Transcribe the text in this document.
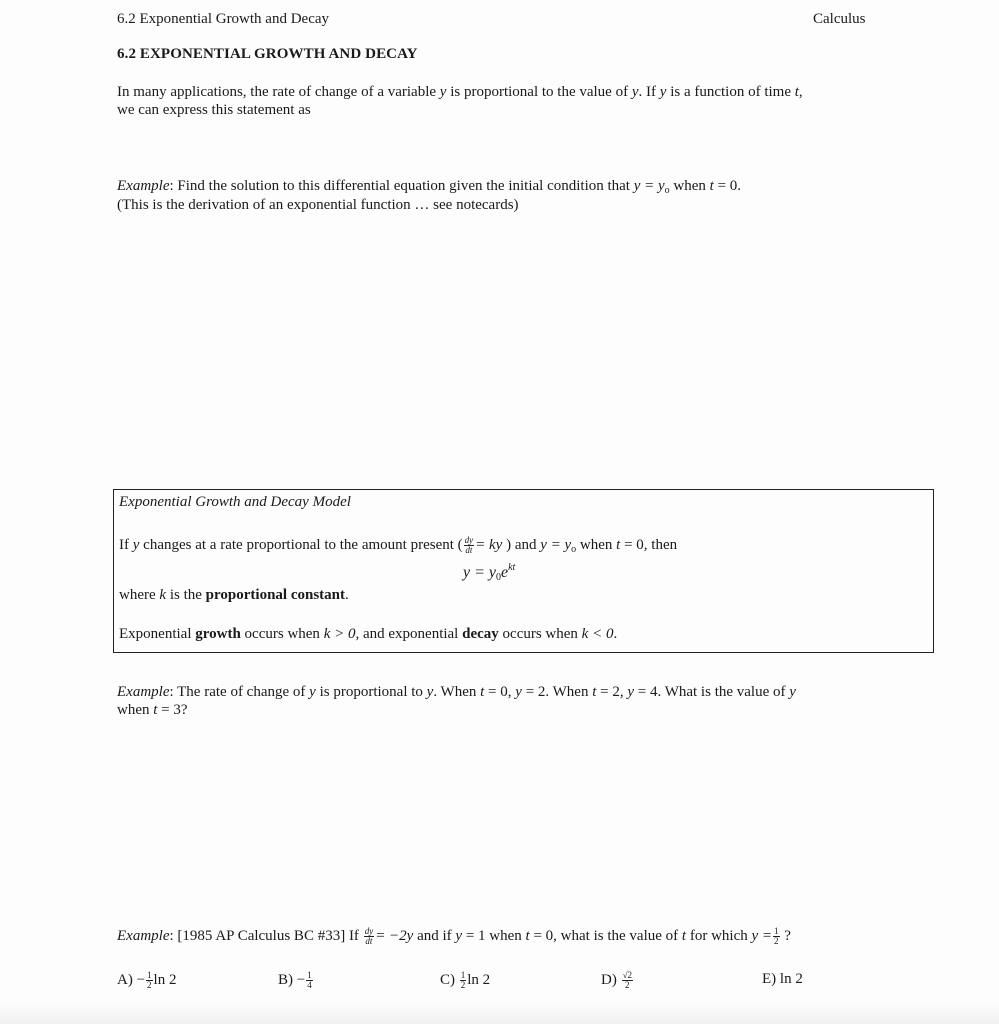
6.2 Exponential Growth and Decay	Calculus
6.2 EXPONENTIAL GROWTH AND DECAY
In many applications, the rate of change of a variable y is proportional to the value of y. If y is a function of time t,
we can express this statement as
Example: Find the solution to this differential equation given the initial condition that $y = y_o$ when t = 0.
(This is the derivation of an exponential function … see notecards)
Exponential Growth and Decay Model
If y changes at a rate proportional to the amount present ( $\frac{dy}{dt}$ = ky ) and $y = y_o$ when t = 0, then
$y = y_0e^{kt}$
where k is the proportional constant.
Exponential growth occurs when k > 0, and exponential decay occurs when k < 0.
Example: The rate of change of y is proportional to y. When t = 0, y = 2. When t = 2, y = 4. What is the value of y
when t = 3?
Example: [1985 AP Calculus BC #33] If $\frac{dy}{dt} = -2y$ and if y = 1 when t = 0, what is the value of t for which $y = \frac{1}{2}$ ?
$A) - \frac{1}{2}$ ln 2	$B) - \frac{1}{4}$	$C) \frac{1}{2}$ ln 2	$D) \frac{√2}{2}$	E) ln 2
